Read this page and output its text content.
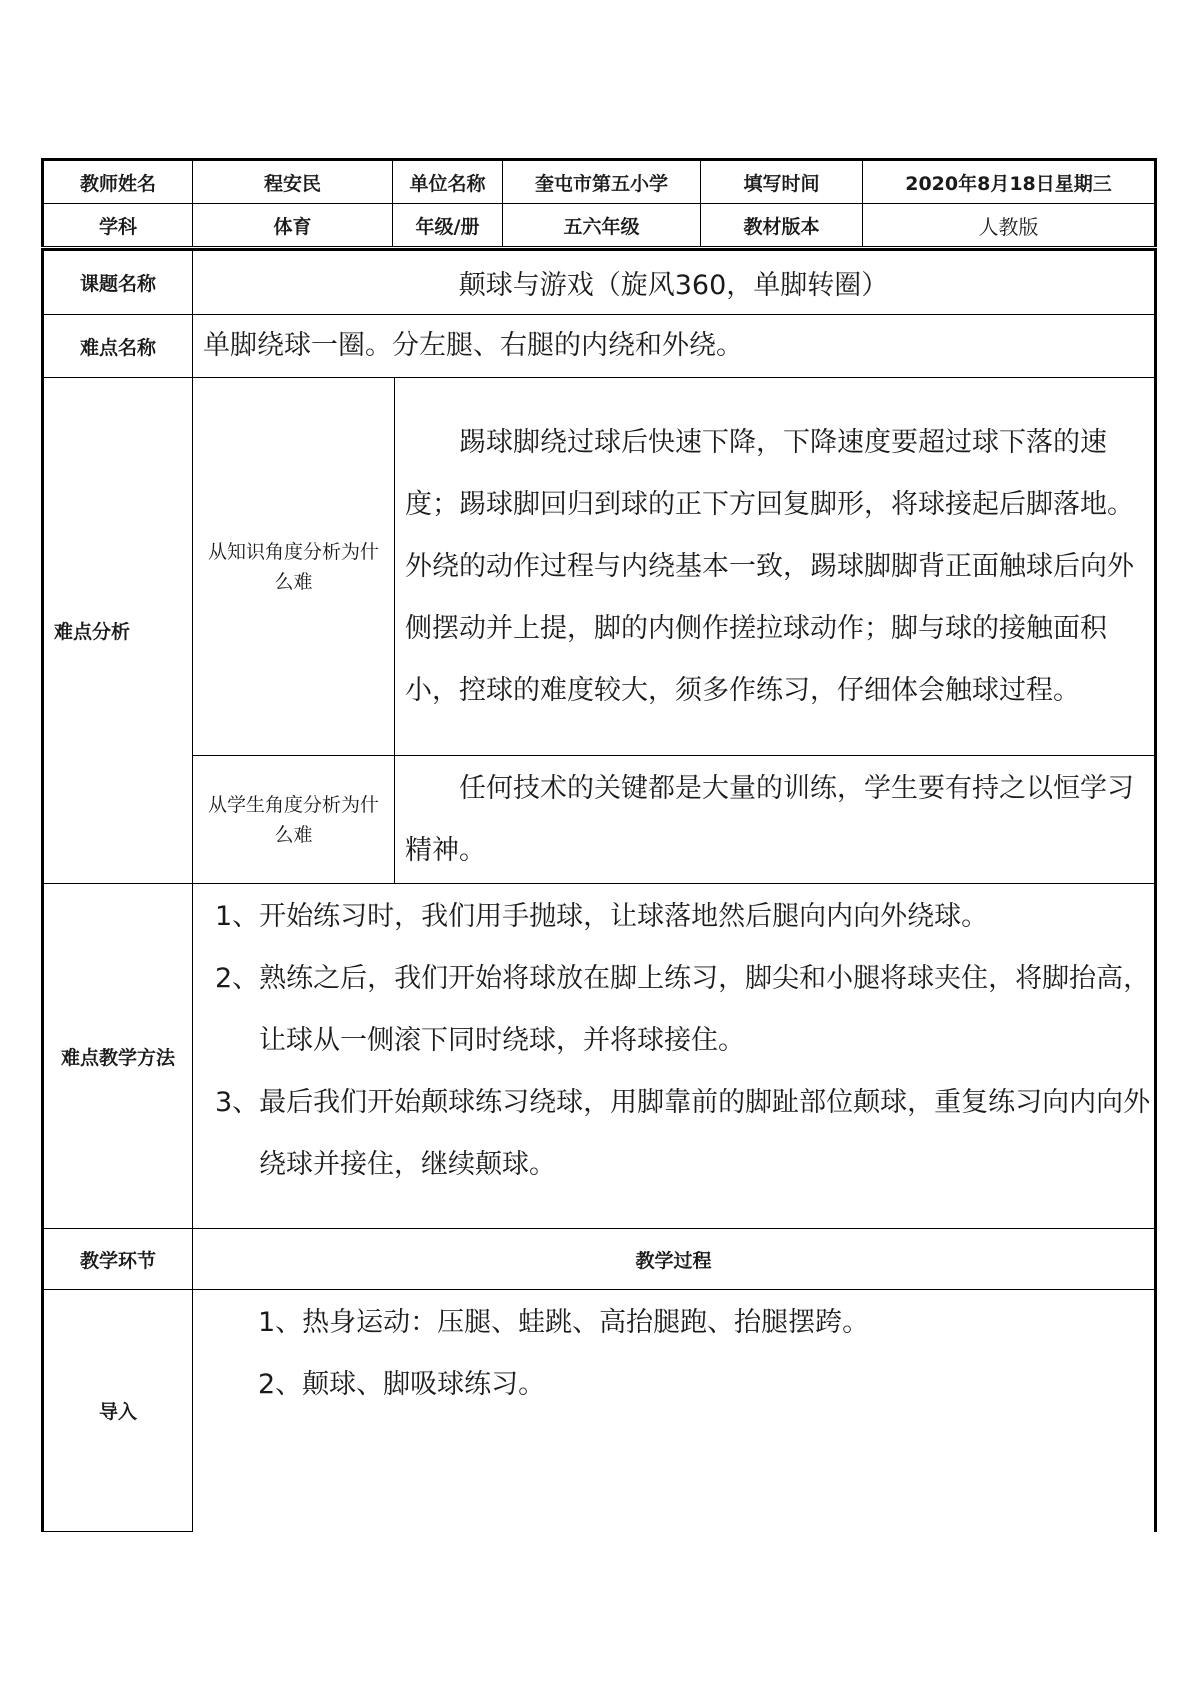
教师姓名	程安民	单位名称	奎屯市第五小学	填写时间	2020年8月18日星期三
学科	体育	年级/册	五六年级	教材版本	人教版
课题名称	颠球与游戏（旋风360，单脚转圈）	
难点名称	单脚绕球一圈。分左腿、右腿的内绕和外绕。	
难点分析	从知识角度分析为什么难	踢球脚绕过球后快速下降，下降速度要超过球下落的速度；踢球脚回归到球的正下方回复脚形，将球接起后脚落地。外绕的动作过程与内绕基本一致，踢球脚脚背正面触球后向外侧摆动并上提，脚的内侧作搓拉球动作；脚与球的接触面积小，控球的难度较大，须多作练习，仔细体会触球过程。

	从学生角度分析为什么难	任何技术的关键都是大量的训练，学生要有持之以恒学习精神。
难点教学方法	1、开始练习时，我们用手抛球，让球落地然后腿向内向外绕球。
2、熟练之后，我们开始将球放在脚上练习，脚尖和小腿将球夹住，将脚抬高，让球从一侧滚下同时绕球，并将球接住。
3、最后我们开始颠球练习绕球，用脚靠前的脚趾部位颠球，重复练习向内向外绕球并接住，继续颠球。	

教学环节	教学过程	
导入	1、热身运动：压腿、蛙跳、高抬腿跑、抬腿摆跨。
2、颠球、脚吸球练习。	
